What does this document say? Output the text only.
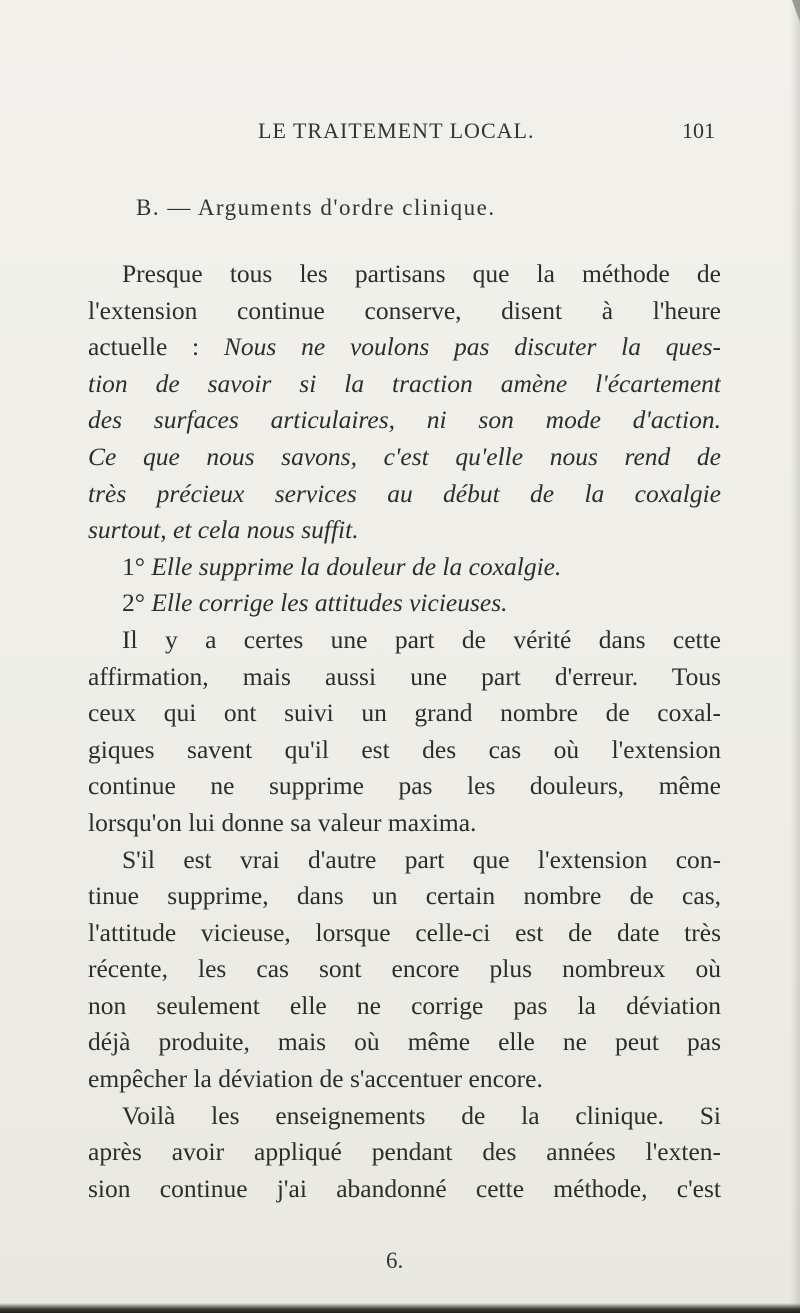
LE TRAITEMENT LOCAL.	101
B. — Arguments d'ordre clinique.
Presque tous les partisans que la méthode de
l'extension continue conserve, disent à l'heure
actuelle : Nous ne voulons pas discuter la ques-
tion de savoir si la traction amène l'écartement
des surfaces articulaires, ni son mode d'action.
Ce que nous savons, c'est qu'elle nous rend de
très précieux services au début de la coxalgie
surtout, et cela nous suffit.
1° Elle supprime la douleur de la coxalgie.
2° Elle corrige les attitudes vicieuses.
Il y a certes une part de vérité dans cette
affirmation, mais aussi une part d'erreur. Tous
ceux qui ont suivi un grand nombre de coxal-
giques savent qu'il est des cas où l'extension
continue ne supprime pas les douleurs, même
lorsqu'on lui donne sa valeur maxima.
S'il est vrai d'autre part que l'extension con-
tinue supprime, dans un certain nombre de cas,
l'attitude vicieuse, lorsque celle-ci est de date très
récente, les cas sont encore plus nombreux où
non seulement elle ne corrige pas la déviation
déjà produite, mais où même elle ne peut pas
empêcher la déviation de s'accentuer encore.
Voilà les enseignements de la clinique. Si
après avoir appliqué pendant des années l'exten-
sion continue j'ai abandonné cette méthode, c'est
6.
